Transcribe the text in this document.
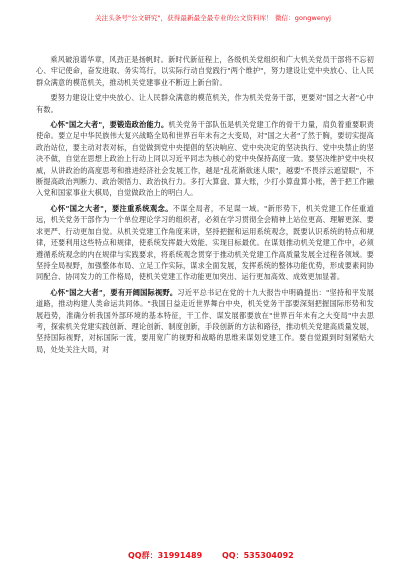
关注头条号"公文研究"，获得最新最全最专业的公文资料库！ 微信：gongwenyj

乘风破浪谱华章，风劲正是扬帆时。新时代新征程上，各级机关党组织和广大机关党员干部将不忘初心、牢记使命，奋发进取、务实笃行，以实际行动自觉践行"两个维护"，努力建设让党中央放心、让人民群众满意的模范机关，推动机关党建事业不断迈上新台阶。

要努力建设让党中央放心、让人民群众满意的模范机关，作为机关党务干部，更要对"国之大者"心中有数。

心怀"国之大者"，要锻造政治能力。机关党务干部队伍是机关党建工作的骨干力量，肩负着重要职责使命。要立足中华民族伟大复兴战略全局和世界百年未有之大变局，对"国之大者"了然于胸，要切实提高政治站位，要主动对表对标，自觉做到党中央提倡的坚决响应、党中央决定的坚决执行、党中央禁止的坚决不做，自觉在思想上政治上行动上同以习近平同志为核心的党中央保持高度一致。要坚决维护党中央权威，从讲政治的高度思考和推进经济社会发展工作，越是"乱花渐欲迷人眼"，越要"不畏浮云遮望眼"，不断提高政治判断力、政治领悟力、政治执行力。多打大算盘、算大账，少打小算盘算小账，善于把工作融入党和国家事业大棋局，自觉做政治上的明白人。

心怀"国之大者"，要注重系统观念。不谋全局者，不足谋一域。"新形势下，机关党建工作任重道远，机关党务干部作为一个单位理论学习的组织者，必须在学习贯彻全会精神上站位更高、理解更深、要求更严、行动更加自觉。从机关党建工作角度来讲，坚持把握和运用系统观念，既要认识系统的特点和规律，还要利用这些特点和规律，使系统发挥最大效能、实现目标最优。在谋划推动机关党建工作中，必须遵循系统观念的内在规律与实践要求，将系统观念贯穿于推动机关党建工作高质量发展全过程各领域。要坚持全局视野，加强整体布局、立足工作实际，谋求全面发展，发挥系统的整体功能优势，形成要素间协同配合、协同发力的工作格局，使机关党建工作动能更加突出、运行更加高效、成效更加显著。

心怀"国之大者"，要有开阔国际视野。习近平总书记在党的十九大报告中明确提出："坚持和平发展道路，推动构建人类命运共同体。"我国日益走近世界舞台中央，机关党务干部要深刻把握国际形势和发展趋势，准确分析我国外部环境的基本特征，干工作、谋发展都要放在"世界百年未有之大变局"中去思考，探索机关党建实践创新、理论创新、制度创新，手段创新的方法和路径，推动机关党建高质量发展，坚持国际视野，对标国际一流，要用宽广的视野和战略的思维来谋划党建工作。要自觉跟到时刻紧贴大局，处处关注大局，对

QQ群：31991489 QQ：535304092
